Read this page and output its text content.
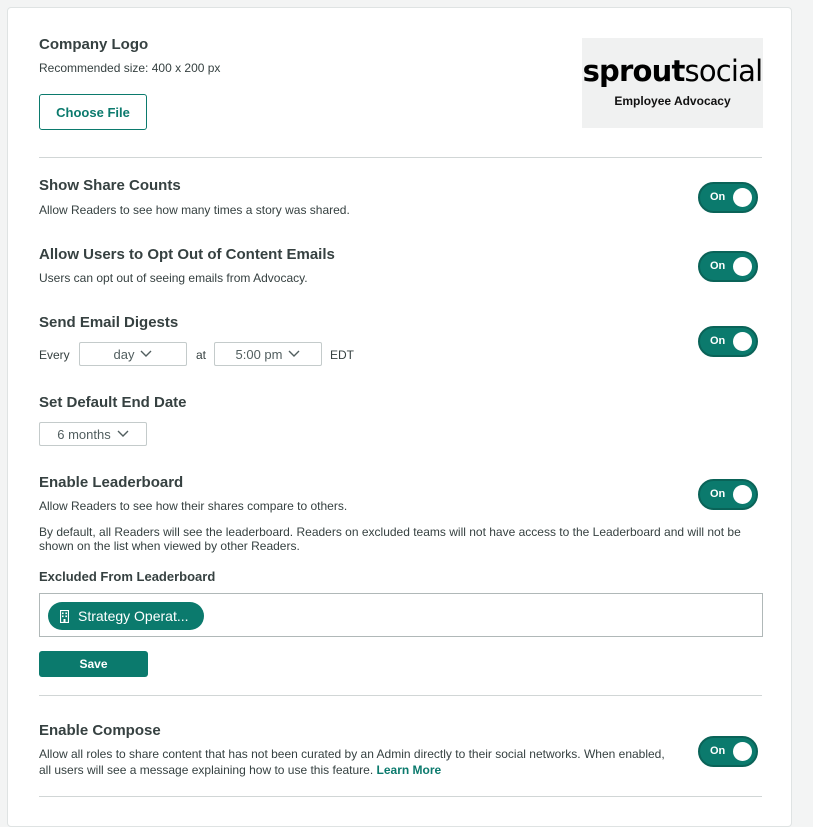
Company Logo
Recommended size: 400 x 200 px
Choose File
sproutsocial
Employee Advocacy
Show Share Counts
Allow Readers to see how many times a story was shared.
On
Allow Users to Opt Out of Content Emails
Users can opt out of seeing emails from Advocacy.
On
Send Email Digests
Every	day	at 5:00 pm	EDT
On
Set Default End Date
6 months
Enable Leaderboard
Allow Readers to see how their shares compare to others.
On
By default, all Readers will see the leaderboard. Readers on excluded teams will not have access to the Leaderboard and will not be shown on the list when viewed by other Readers.
Excluded From Leaderboard
Strategy Operat...
Save
Enable Compose
Allow all roles to share content that has not been curated by an Admin directly to their social networks. When enabled, all users will see a message explaining how to use this feature. Learn More
On
